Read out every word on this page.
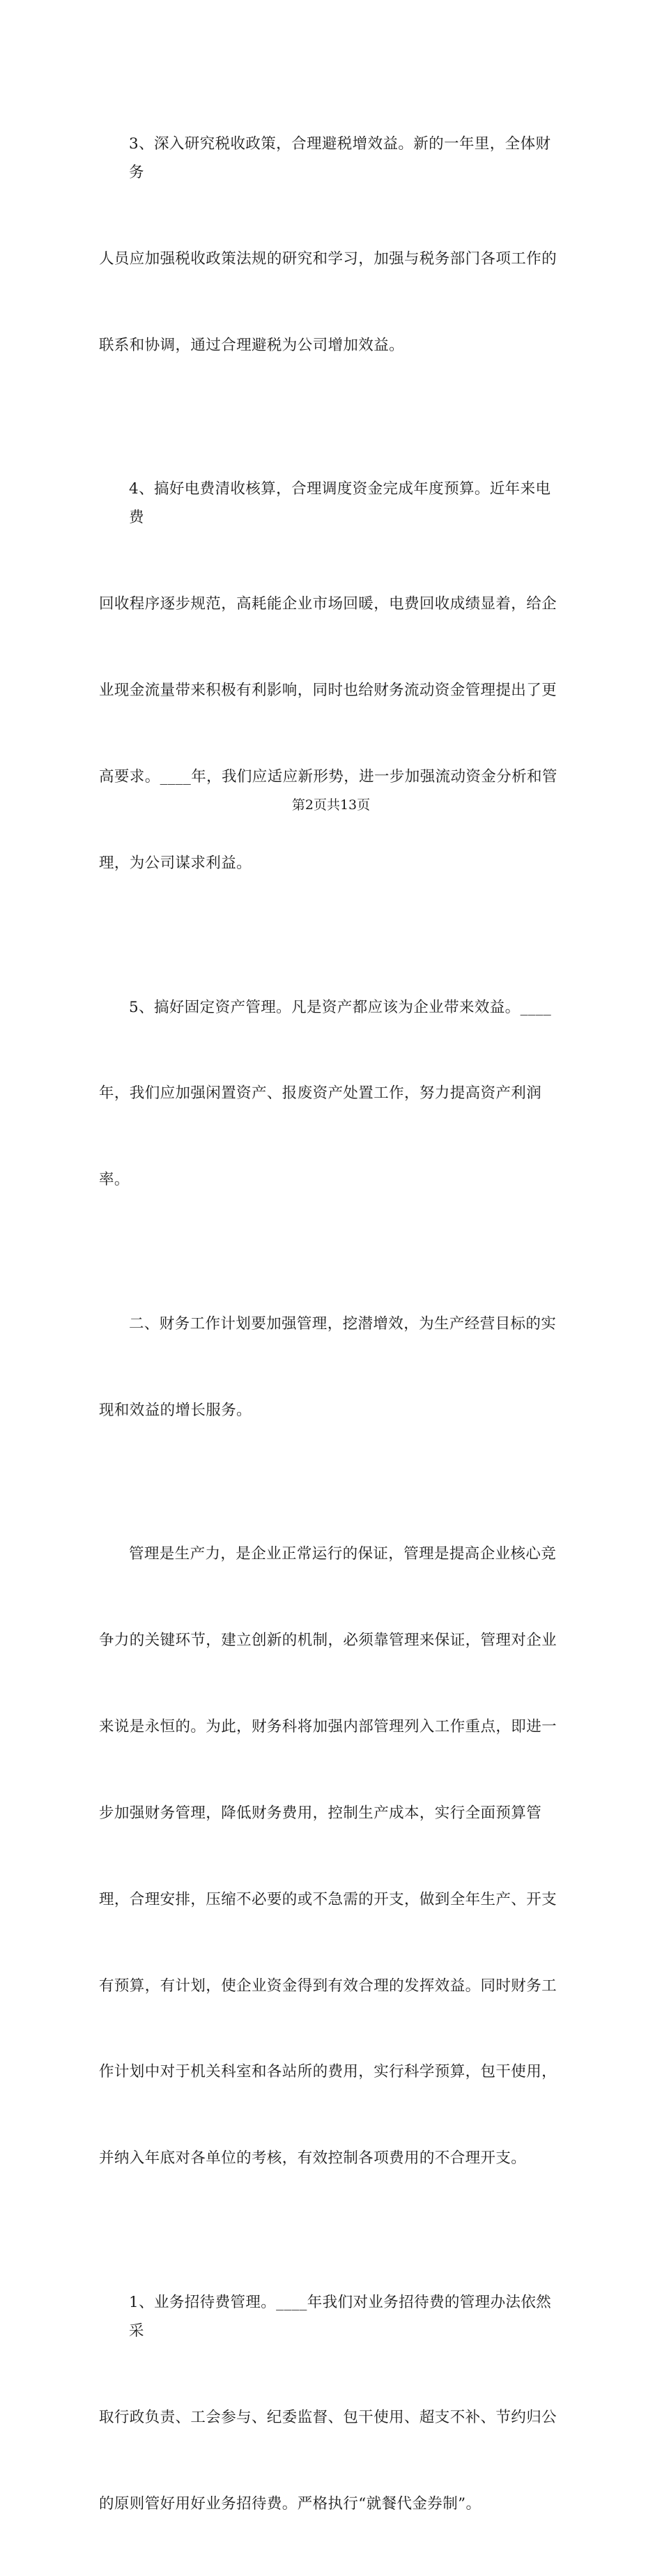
3、深入研究税收政策，合理避税增效益。新的一年里，全体财务

人员应加强税收政策法规的研究和学习，加强与税务部门各项工作的

联系和协调，通过合理避税为公司增加效益。

4、搞好电费清收核算，合理调度资金完成年度预算。近年来电费

回收程序逐步规范，高耗能企业市场回暖，电费回收成绩显着，给企

业现金流量带来积极有利影响，同时也给财务流动资金管理提出了更

高要求。____年，我们应适应新形势，进一步加强流动资金分析和管

理，为公司谋求利益。

5、搞好固定资产管理。凡是资产都应该为企业带来效益。____

年，我们应加强闲置资产、报废资产处置工作，努力提高资产利润

率。

二、财务工作计划要加强管理，挖潜增效，为生产经营目标的实

现和效益的增长服务。

管理是生产力，是企业正常运行的保证，管理是提高企业核心竞

争力的关键环节，建立创新的机制，必须靠管理来保证，管理对企业

来说是永恒的。为此，财务科将加强内部管理列入工作重点，即进一

步加强财务管理，降低财务费用，控制生产成本，实行全面预算管

理，合理安排，压缩不必要的或不急需的开支，做到全年生产、开支

有预算，有计划，使企业资金得到有效合理的发挥效益。同时财务工

作计划中对于机关科室和各站所的费用，实行科学预算，包干使用，

并纳入年底对各单位的考核，有效控制各项费用的不合理开支。

1、业务招待费管理。____年我们对业务招待费的管理办法依然采

取行政负责、工会参与、纪委监督、包干使用、超支不补、节约归公

的原则管好用好业务招待费。严格执行“就餐代金券制”。

第2页共13页
